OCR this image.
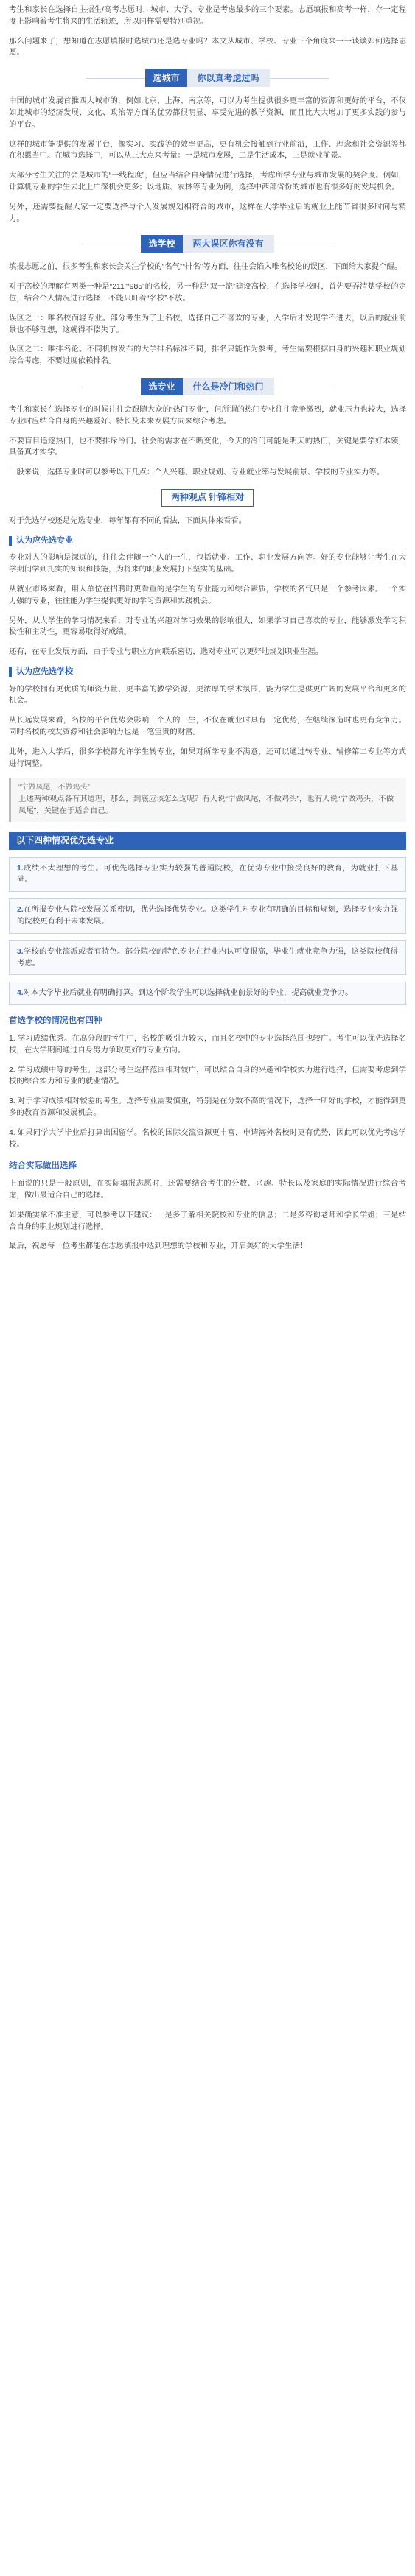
考生和家长在选择自主招生/高考志愿时，城市、大学、专业是考虑最多的三个要素。志愿填报和高考一样，存一定程度上影响着考生将来的生活轨迹，所以同样需要特别重视。

那么问题来了，想知道在志愿填报时选城市还是选专业吗？本文从城市、学校、专业三个角度来一一谈谈如何选择志愿。

选城市	你以真考虑过吗

中国的城市发展首推四大城市的，例如北京、上海、南京等，可以为考生提供很多更丰富的资源和更好的平台，不仅如此城市的经济发展、文化、政治等方面的优势都很明显，享受先进的教学资源，而且比大大增加了更多实践的参与的平台。

这样的城市能提供的发展平台，像实习、实践等的效率更高，更有机会接触到行业前沿，工作、理念和社会资源等都在积累当中。在城市选择中，可以从三大点来考量：一是城市发展，二是生活成本，三是就业前景。

大部分考生关注的会是城市的“一线程度”，但应当结合自身情况进行选择，考虑所学专业与城市发展的契合度。例如，计算机专业的学生去北上广深机会更多；以地质、农林等专业为例，选择中西部省份的城市也有很多好的发展机会。

另外，还需要提醒大家一定要选择与个人发展规划相符合的城市，这样在大学毕业后的就业上能节省很多时间与精力。

选学校	两大误区你有没有

填报志愿之前，很多考生和家长会关注学校的“名气”“排名”等方面，往往会陷入唯名校论的误区，下面给大家提个醒。

对于高校的理解有两类一种是“211”“985”的名校，另一种是“双一流”建设高校，在选择学校时，首先要弄清楚学校的定位，结合个人情况进行选择，不能只盯着“名校”不放。

误区之一：唯名校而轻专业。部分考生为了上名校，选择自己不喜欢的专业，入学后才发现学不进去，以后的就业前景也不够理想，这就得不偿失了。

误区之二：唯排名论。不同机构发布的大学排名标准不同，排名只能作为参考，考生需要根据自身的兴趣和职业规划综合考虑，不要过度依赖排名。

选专业	什么是冷门和热门

考生和家长在选择专业的时候往往会跟随大众的“热门专业”，但所谓的热门专业往往竞争激烈，就业压力也较大，选择专业时应结合自身的兴趣爱好、特长及未来发展方向来综合考虑。

不要盲目追逐热门，也不要排斥冷门。社会的需求在不断变化，今天的冷门可能是明天的热门，关键是要学好本领，具备真才实学。

一般来说，选择专业时可以参考以下几点：个人兴趣、职业规划、专业就业率与发展前景、学校的专业实力等。

两种观点 针锋相对

对于先选学校还是先选专业，每年都有不同的看法，下面具体来看看。

认为应先选专业

专业对人的影响是深远的，往往会伴随一个人的一生，包括就业、工作、职业发展方向等。好的专业能够让考生在大学期间学到扎实的知识和技能，为将来的职业发展打下坚实的基础。

从就业市场来看，用人单位在招聘时更看重的是学生的专业能力和综合素质，学校的名气只是一个参考因素。一个实力强的专业，往往能为学生提供更好的学习资源和实践机会。

另外，从大学生的学习情况来看，对专业的兴趣对学习效果的影响很大，如果学习自己喜欢的专业，能够激发学习积极性和主动性，更容易取得好成绩。

还有，在专业发展方面，由于专业与职业方向联系密切，选对专业可以更好地规划职业生涯。

认为应先选学校

好的学校拥有更优质的师资力量、更丰富的教学资源、更浓厚的学术氛围，能为学生提供更广阔的发展平台和更多的机会。

从长远发展来看，名校的平台优势会影响一个人的一生，不仅在就业时具有一定优势，在继续深造时也更有竞争力。同时名校的校友资源和社会影响力也是一笔宝贵的财富。

此外，进入大学后，很多学校都允许学生转专业，如果对所学专业不满意，还可以通过转专业、辅修第二专业等方式进行调整。

“宁做凤尾，不做鸡头”
上述两种观点各有其道理，那么，到底应该怎么选呢？有人说“宁做凤尾，不做鸡头”，也有人说“宁做鸡头，不做凤尾”，关键在于适合自己。
以下四种情况优先选专业
1.成绩不太理想的考生。可优先选择专业实力较强的普通院校，在优势专业中接受良好的教育，为就业打下基础。
2.在所报专业与院校发展关系密切，优先选择优势专业。这类学生对专业有明确的目标和规划，选择专业实力强的院校更有利于未来发展。
3.学校的专业流派或者有特色。部分院校的特色专业在行业内认可度很高，毕业生就业竞争力强，这类院校值得考虑。
4.对本大学毕业后就业有明确打算。到这个阶段学生可以选择就业前景好的专业，提高就业竞争力。
首选学校的情况也有四种

1. 学习成绩优秀。在高分段的考生中，名校的吸引力较大，而且名校中的专业选择范围也较广。考生可以优先选择名校，在大学期间通过自身努力争取更好的专业方向。

2. 学习成绩中等的考生。这部分考生选择范围相对较广，可以结合自身的兴趣和学校实力进行选择，但需要考虑到学校的综合实力和专业的就业情况。

3. 对于学习成绩相对较差的考生。选择专业需要慎重，特别是在分数不高的情况下，选择一所好的学校，才能得到更多的教育资源和发展机会。

4. 如果同学大学毕业后打算出国留学。名校的国际交流资源更丰富，申请海外名校时更有优势，因此可以优先考虑学校。

结合实际做出选择

上面说的只是一般原则，在实际填报志愿时，还需要结合考生的分数、兴趣、特长以及家庭的实际情况进行综合考虑，做出最适合自己的选择。

如果确实拿不准主意，可以参考以下建议：一是多了解相关院校和专业的信息；二是多咨询老师和学长学姐；三是结合自身的职业规划进行选择。

最后，祝愿每一位考生都能在志愿填报中选到理想的学校和专业，开启美好的大学生活！
